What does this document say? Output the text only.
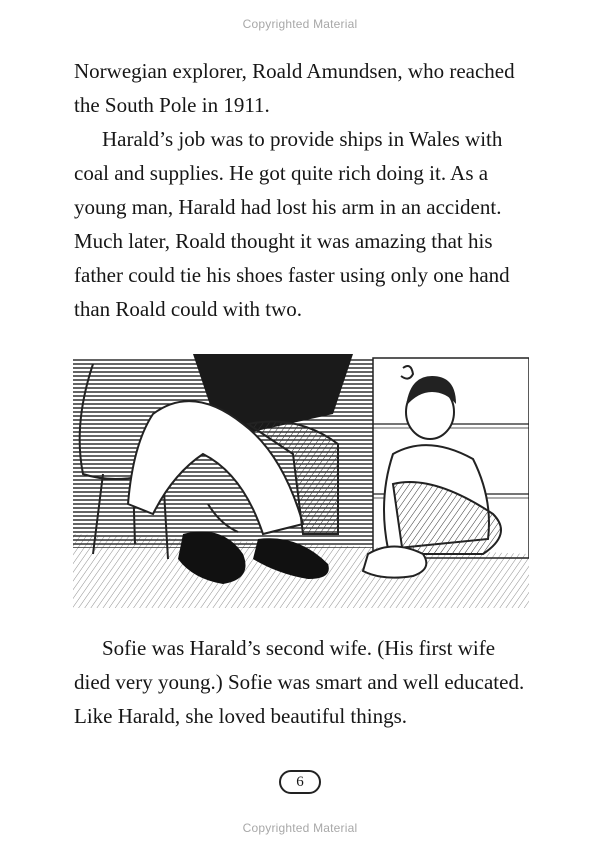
Copyrighted Material

Norwegian explorer, Roald Amundsen, who reached the South Pole in 1911.

Harald’s job was to provide ships in Wales with coal and supplies. He got quite rich doing it. As a young man, Harald had lost his arm in an accident. Much later, Roald thought it was amazing that his father could tie his shoes faster using only one hand than Roald could with two.

Sofie was Harald’s second wife. (His first wife died very young.) Sofie was smart and well educated. Like Harald, she loved beautiful things.

6
Copyrighted Material
